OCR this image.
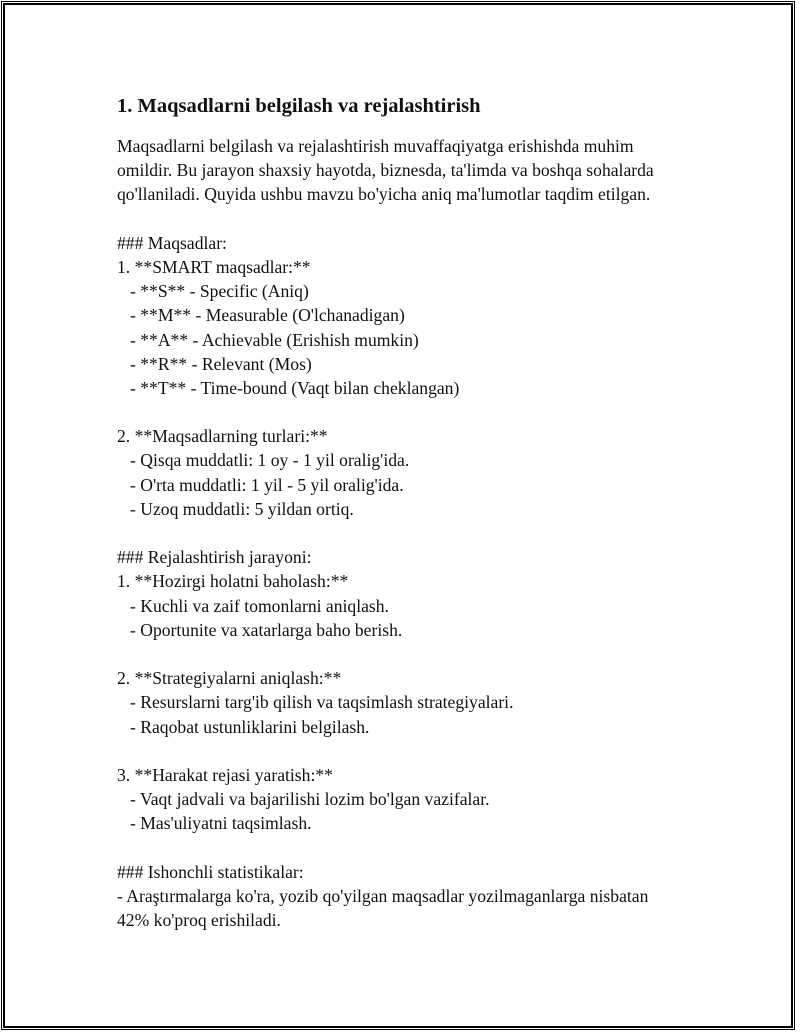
1. Maqsadlarni belgilash va rejalashtirish
Maqsadlarni belgilash va rejalashtirish muvaffaqiyatga erishishda muhim
omildir. Bu jarayon shaxsiy hayotda, biznesda, ta'limda va boshqa sohalarda
qo'llaniladi. Quyida ushbu mavzu bo'yicha aniq ma'lumotlar taqdim etilgan.
### Maqsadlar:
1. **SMART maqsadlar:**
- **S** - Specific (Aniq)
- **M** - Measurable (O'lchanadigan)
- **A** - Achievable (Erishish mumkin)
- **R** - Relevant (Mos)
- **T** - Time-bound (Vaqt bilan cheklangan)
2. **Maqsadlarning turlari:**
- Qisqa muddatli: 1 oy - 1 yil oralig'ida.
- O'rta muddatli: 1 yil - 5 yil oralig'ida.
- Uzoq muddatli: 5 yildan ortiq.
### Rejalashtirish jarayoni:
1. **Hozirgi holatni baholash:**
- Kuchli va zaif tomonlarni aniqlash.
- Oportunite va xatarlarga baho berish.
2. **Strategiyalarni aniqlash:**
- Resurslarni targ'ib qilish va taqsimlash strategiyalari.
- Raqobat ustunliklarini belgilash.
3. **Harakat rejasi yaratish:**
- Vaqt jadvali va bajarilishi lozim bo'lgan vazifalar.
- Mas'uliyatni taqsimlash.
### Ishonchli statistikalar:
- Araştırmalarga ko'ra, yozib qo'yilgan maqsadlar yozilmaganlarga nisbatan
42% ko'proq erishiladi.
